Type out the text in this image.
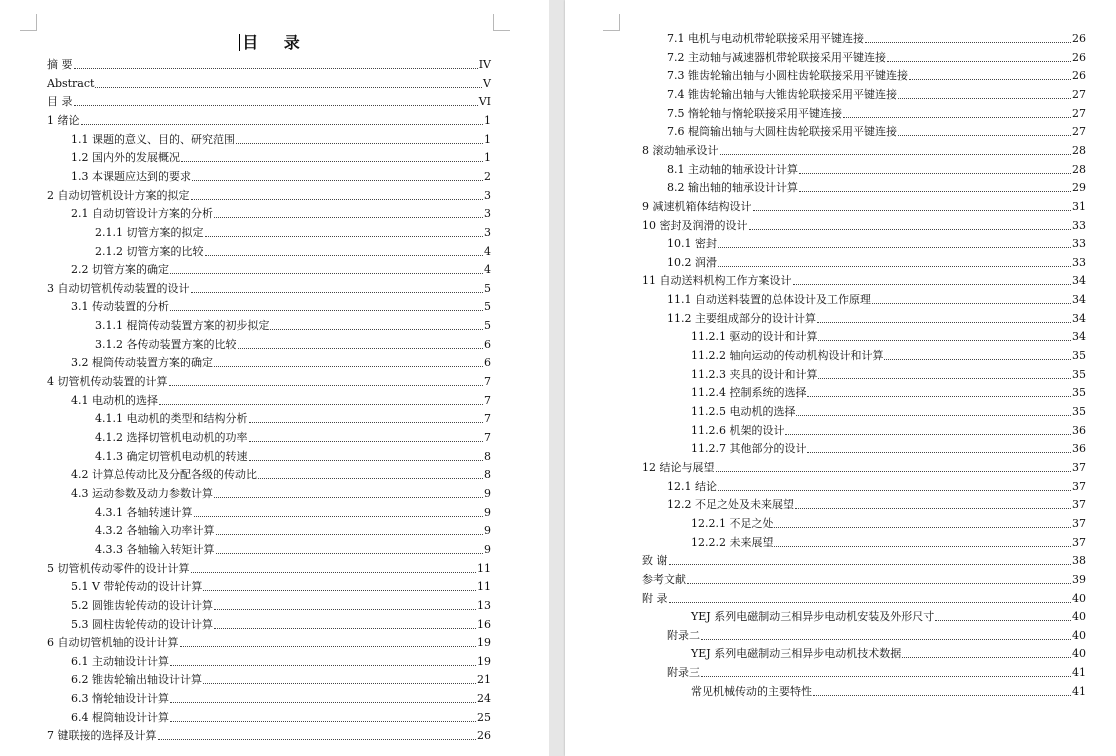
目 录
摘 要	IV
Abstract	V
目 录	VI
1 绪论	1
1.1 课题的意义、目的、研究范围	1
1.2 国内外的发展概况	1
1.3 本课题应达到的要求	2
2 自动切管机设计方案的拟定	3
2.1 自动切管设计方案的分析	3
2.1.1 切管方案的拟定	3
2.1.2 切管方案的比较	4
2.2 切管方案的确定	4
3 自动切管机传动装置的设计	5
3.1 传动装置的分析	5
3.1.1 棍筒传动装置方案的初步拟定	5
3.1.2 各传动装置方案的比较	6
3.2 棍筒传动装置方案的确定	6
4 切管机传动装置的计算	7
4.1 电动机的选择	7
4.1.1 电动机的类型和结构分析	7
4.1.2 选择切管机电动机的功率	7
4.1.3 确定切管机电动机的转速	8
4.2 计算总传动比及分配各级的传动比	8
4.3 运动参数及动力参数计算	9
4.3.1 各轴转速计算	9
4.3.2 各轴输入功率计算	9
4.3.3 各轴输入转矩计算	9
5 切管机传动零件的设计计算	11
5.1 V 带轮传动的设计计算	11
5.2 圆锥齿轮传动的设计计算	13
5.3 圆柱齿轮传动的设计计算	16
6 自动切管机轴的设计计算	19
6.1 主动轴设计计算	19
6.2 锥齿轮输出轴设计计算	21
6.3 惰轮轴设计计算	24
6.4 棍筒轴设计计算	25
7 键联接的选择及计算	26
7.1 电机与电动机带轮联接采用平键连接	26
7.2 主动轴与减速器机带轮联接采用平键连接	26
7.3 锥齿轮输出轴与小圆柱齿轮联接采用平键连接	26
7.4 锥齿轮输出轴与大锥齿轮联接采用平键连接	27
7.5 惰轮轴与惰轮联接采用平键连接	27
7.6 棍筒输出轴与大圆柱齿轮联接采用平键连接	27
8 滚动轴承设计	28
8.1 主动轴的轴承设计计算	28
8.2 输出轴的轴承设计计算	29
9 减速机箱体结构设计	31
10 密封及润滑的设计	33
10.1 密封	33
10.2 润滑	33
11 自动送料机构工作方案设计	34
11.1 自动送料装置的总体设计及工作原理	34
11.2 主要组成部分的设计计算	34
11.2.1 驱动的设计和计算	34
11.2.2 轴向运动的传动机构设计和计算	35
11.2.3 夹具的设计和计算	35
11.2.4 控制系统的选择	35
11.2.5 电动机的选择	35
11.2.6 机架的设计	36
11.2.7 其他部分的设计	36
12 结论与展望	37
12.1 结论	37
12.2 不足之处及未来展望	37
12.2.1 不足之处	37
12.2.2 未来展望	37
致 谢	38
参考文献	39
附 录	40
YEJ 系列电磁制动三相异步电动机安装及外形尺寸	40
附录二	40
YEJ 系列电磁制动三相异步电动机技术数据	40
附录三	41
常见机械传动的主要特性	41
